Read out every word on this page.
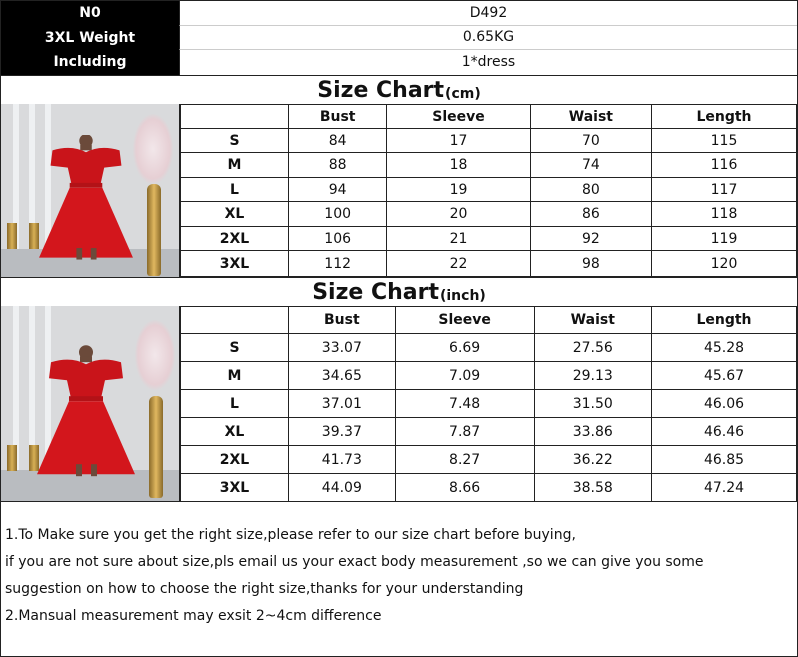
N0	D492
3XL Weight	0.65KG
Including	1*dress
Size Chart (cm)
	Bust	Sleeve	Waist	Length
S	84	17	70	115
M	88	18	74	116
L	94	19	80	117
XL	100	20	86	118
2XL	106	21	92	119
3XL	112	22	98	120
Size Chart (inch)
	Bust	Sleeve	Waist	Length
S	33.07	6.69	27.56	45.28
M	34.65	7.09	29.13	45.67
L	37.01	7.48	31.50	46.06
XL	39.37	7.87	33.86	46.46
2XL	41.73	8.27	36.22	46.85
3XL	44.09	8.66	38.58	47.24
1.To Make sure you get the right size,please refer to our size chart before buying,
if you are not sure about size,pls email us your exact body measurement ,so we can give you some
suggestion on how to choose the right size,thanks for your understanding
2.Mansual measurement may exsit 2~4cm difference
